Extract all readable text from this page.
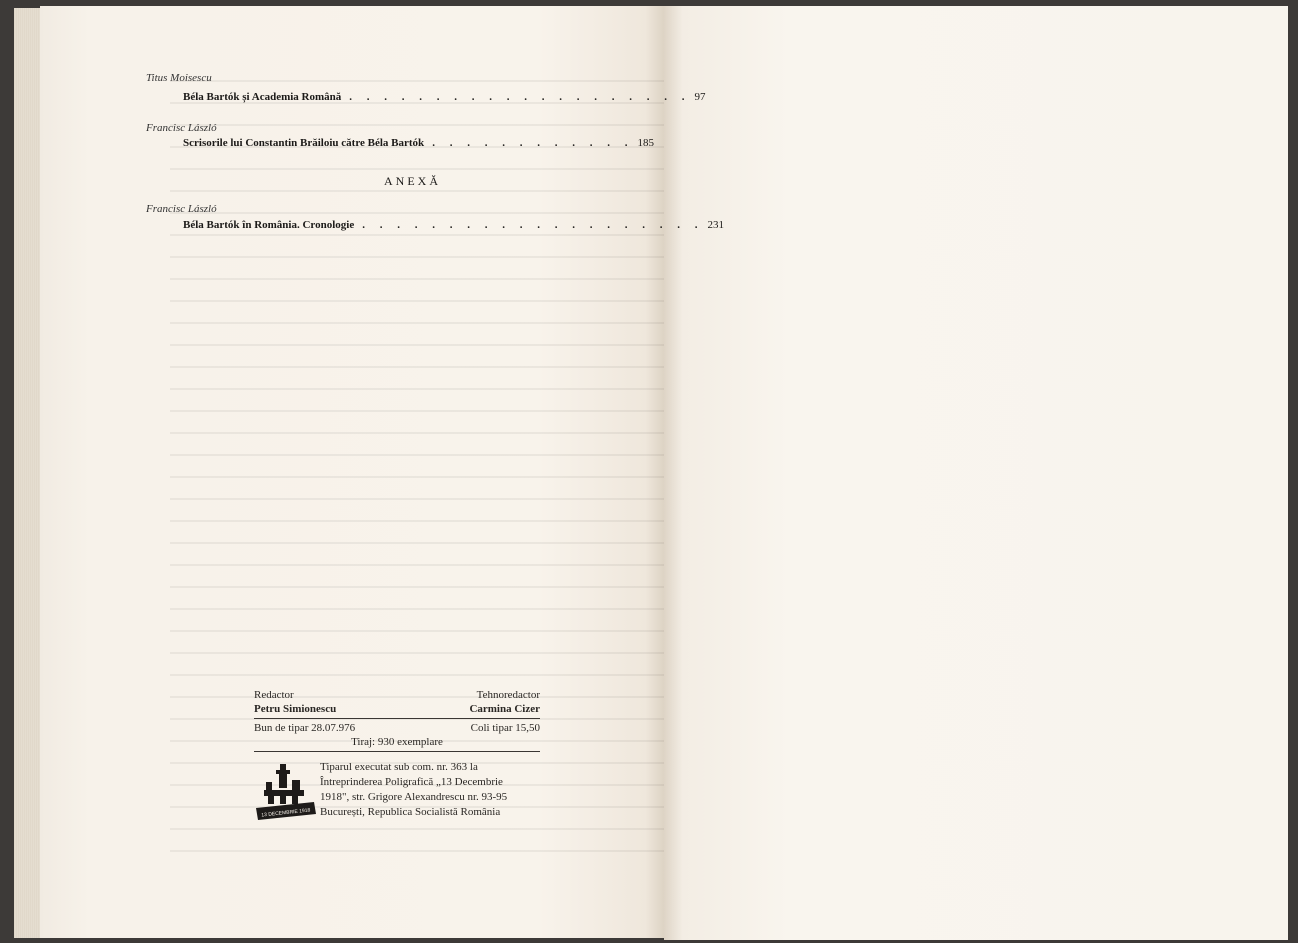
Titus Moisescu
Béla Bartók și Academia Română . . . . . . . . . . . . . . . . . . . . 97
Francisc László
Scrisorile lui Constantin Brăiloiu către Béla Bartók . . . . . . . . . . . . 185
ANEXĂ
Francisc László
Béla Bartók în România. Cronologie . . . . . . . . . . . . . . . . . . . . 231
Redactor	Tehnoredactor
Petru Simionescu	Carmina Cizer
Bun de tipar 28.07.976	Coli tipar 15,50
Tiraj: 930 exemplare
13 DECEMBRIE 1918
Tiparul executat sub com. nr. 363 la
Întreprinderea Poligrafică „13 Decembrie
1918", str. Grigore Alexandrescu nr. 93-95
București, Republica Socialistă România
